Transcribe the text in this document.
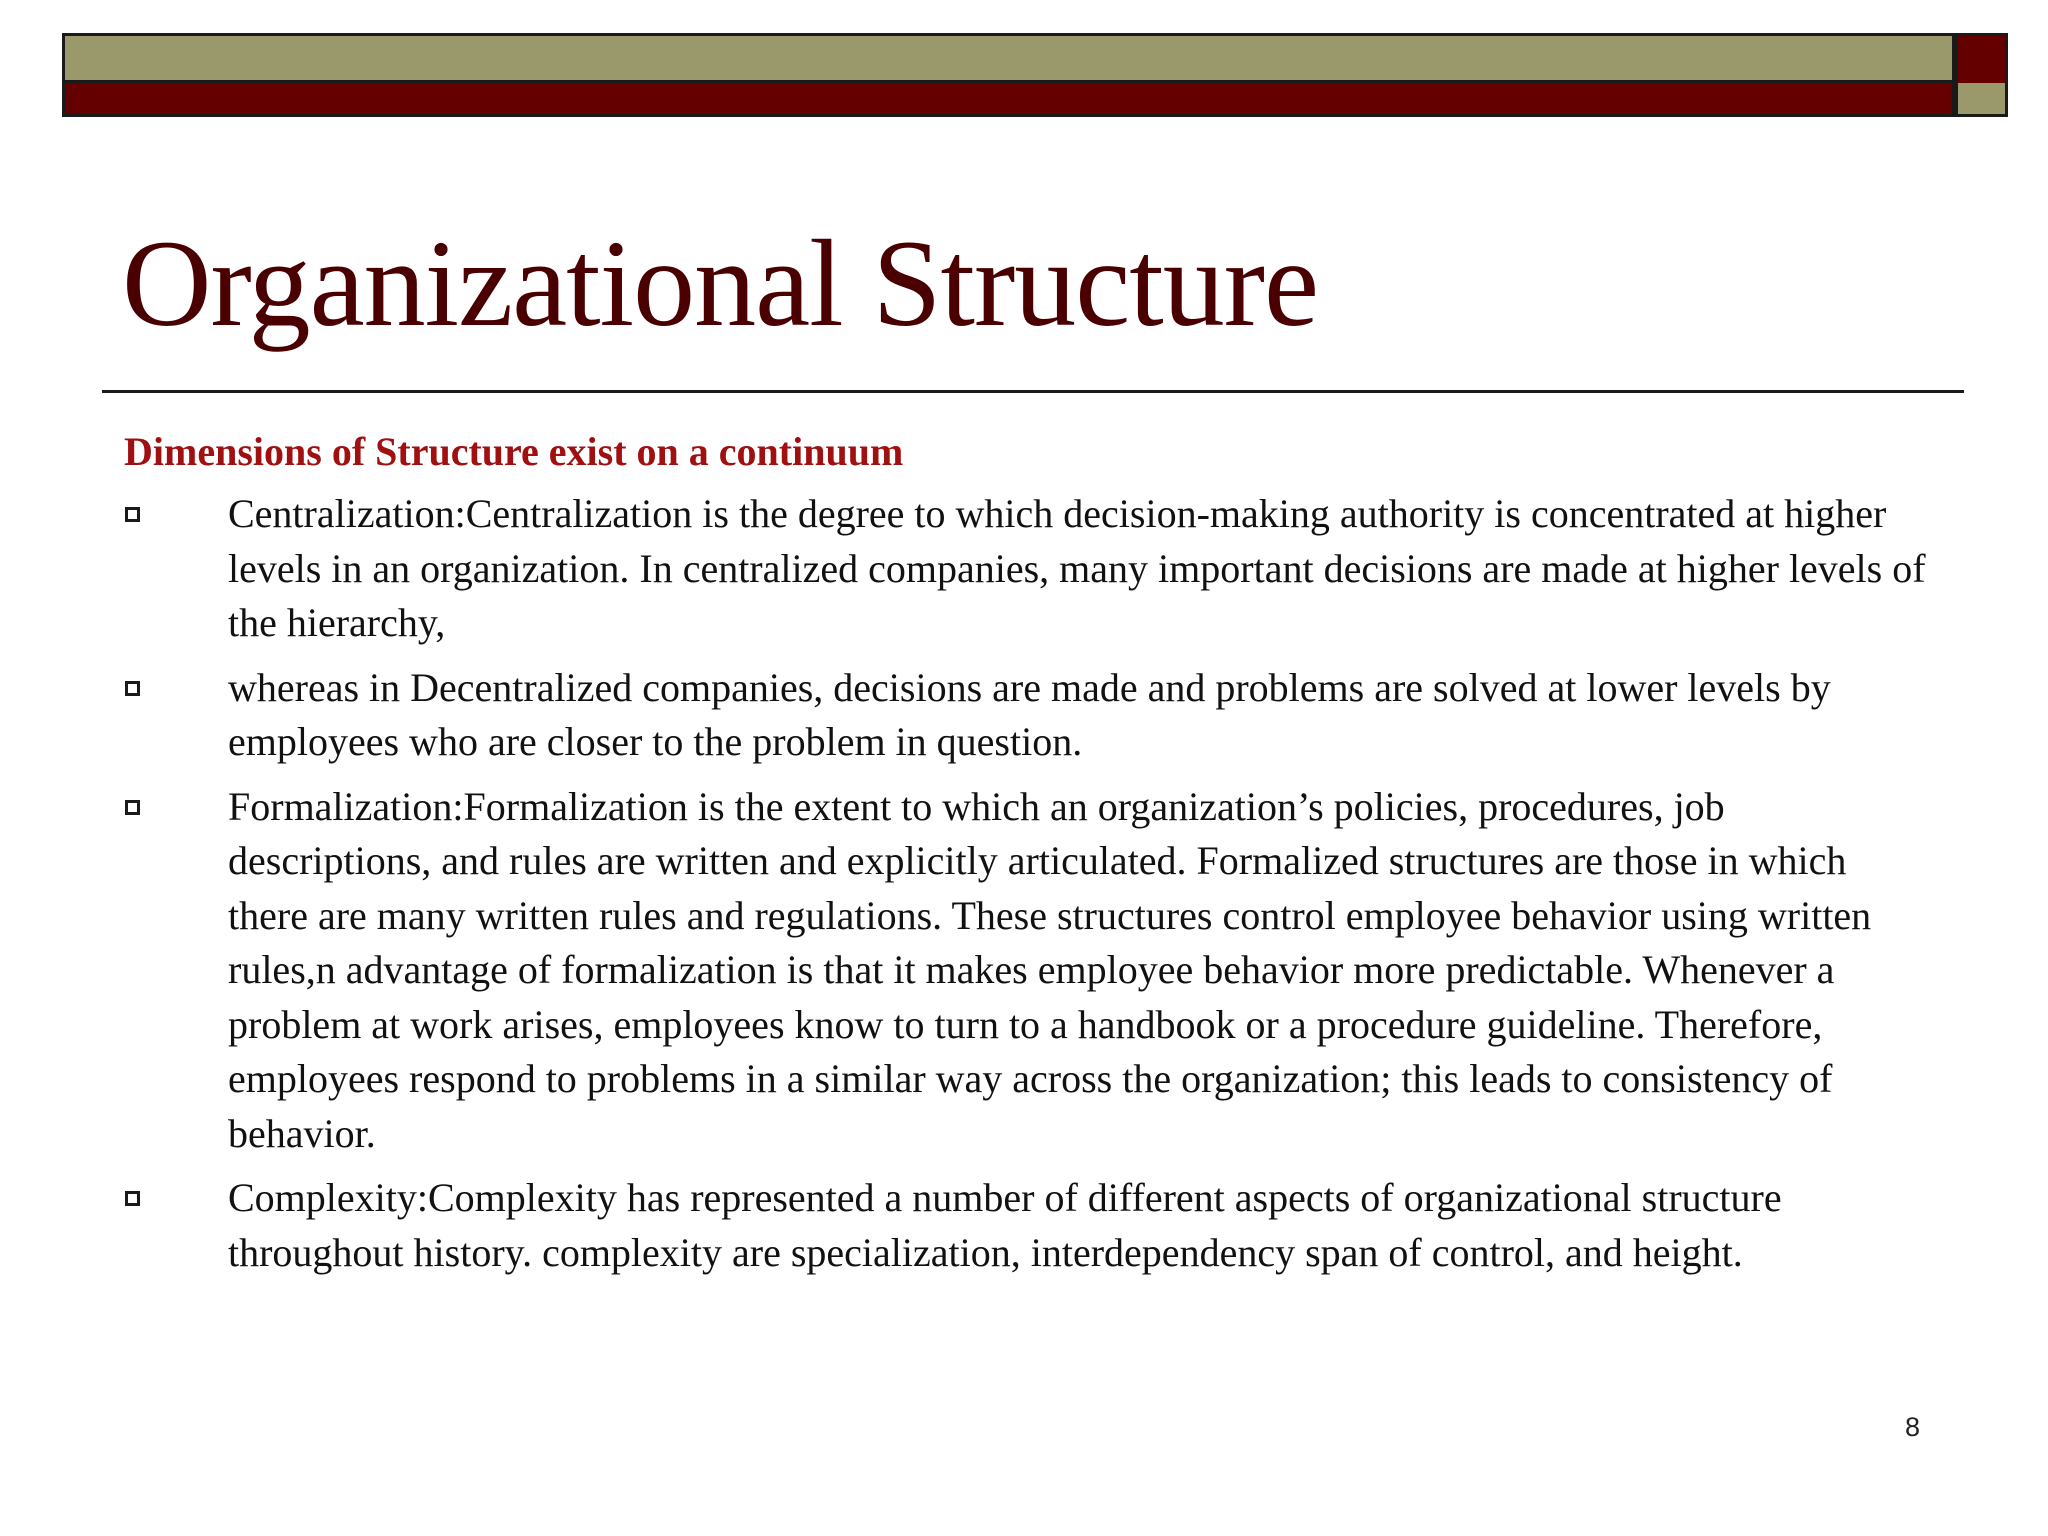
Organizational Structure
Dimensions of Structure exist on a continuum
Centralization:Centralization is the degree to which decision-making authority is concentrated at higher levels in an organization. In centralized companies, many important decisions are made at higher levels of the hierarchy,
whereas in Decentralized companies, decisions are made and problems are solved at lower levels by employees who are closer to the problem in question.
Formalization:Formalization is the extent to which an organization’s policies, procedures, job descriptions, and rules are written and explicitly articulated. Formalized structures are those in which there are many written rules and regulations. These structures control employee behavior using written rules,n advantage of formalization is that it makes employee behavior more predictable. Whenever a problem at work arises, employees know to turn to a handbook or a procedure guideline. Therefore, employees respond to problems in a similar way across the organization; this leads to consistency of behavior.
Complexity:Complexity has represented a number of different aspects of organizational structure throughout history. complexity are specialization, interdependency span of control, and height.
8
